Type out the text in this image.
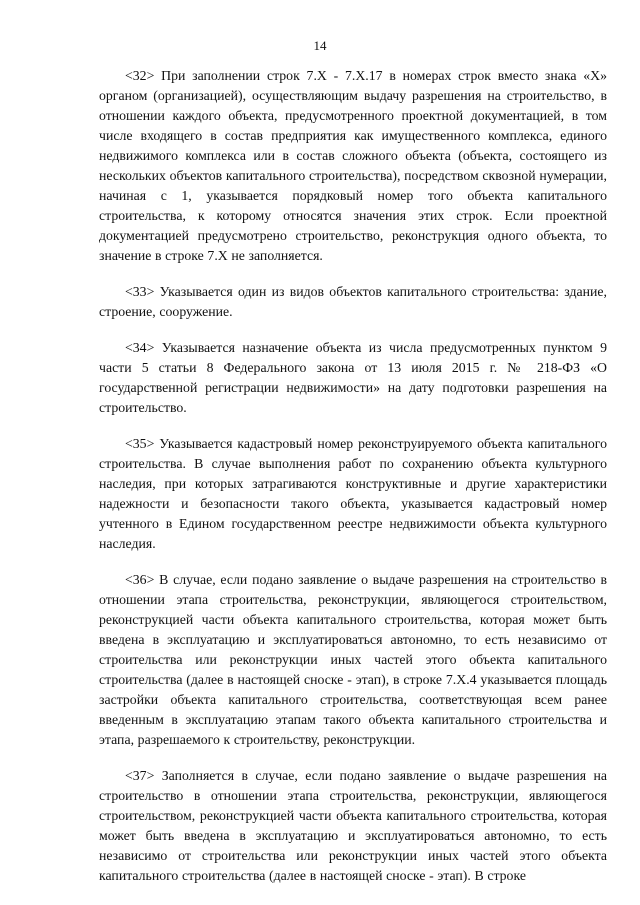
14

<32> При заполнении строк 7.Х - 7.Х.17 в номерах строк вместо знака «Х» органом (организацией), осуществляющим выдачу разрешения на строительство, в отношении каждого объекта, предусмотренного проектной документацией, в том числе входящего в состав предприятия как имущественного комплекса, единого недвижимого комплекса или в состав сложного объекта (объекта, состоящего из нескольких объектов капитального строительства), посредством сквозной нумерации, начиная с 1, указывается порядковый номер того объекта капитального строительства, к которому относятся значения этих строк. Если проектной документацией предусмотрено строительство, реконструкция одного объекта, то значение в строке 7.Х не заполняется.

<33> Указывается один из видов объектов капитального строительства: здание, строение, сооружение.

<34> Указывается назначение объекта из числа предусмотренных пунктом 9 части 5 статьи 8 Федерального закона от 13 июля 2015 г. № 218-ФЗ «О государственной регистрации недвижимости» на дату подготовки разрешения на строительство.

<35> Указывается кадастровый номер реконструируемого объекта капитального строительства. В случае выполнения работ по сохранению объекта культурного наследия, при которых затрагиваются конструктивные и другие характеристики надежности и безопасности такого объекта, указывается кадастровый номер учтенного в Едином государственном реестре недвижимости объекта культурного наследия.

<36> В случае, если подано заявление о выдаче разрешения на строительство в отношении этапа строительства, реконструкции, являющегося строительством, реконструкцией части объекта капитального строительства, которая может быть введена в эксплуатацию и эксплуатироваться автономно, то есть независимо от строительства или реконструкции иных частей этого объекта капитального строительства (далее в настоящей сноске - этап), в строке 7.Х.4 указывается площадь застройки объекта капитального строительства, соответствующая всем ранее введенным в эксплуатацию этапам такого объекта капитального строительства и этапа, разрешаемого к строительству, реконструкции.

<37> Заполняется в случае, если подано заявление о выдаче разрешения на строительство в отношении этапа строительства, реконструкции, являющегося строительством, реконструкцией части объекта капитального строительства, которая может быть введена в эксплуатацию и эксплуатироваться автономно, то есть независимо от строительства или реконструкции иных частей этого объекта капитального строительства (далее в настоящей сноске - этап). В строке
